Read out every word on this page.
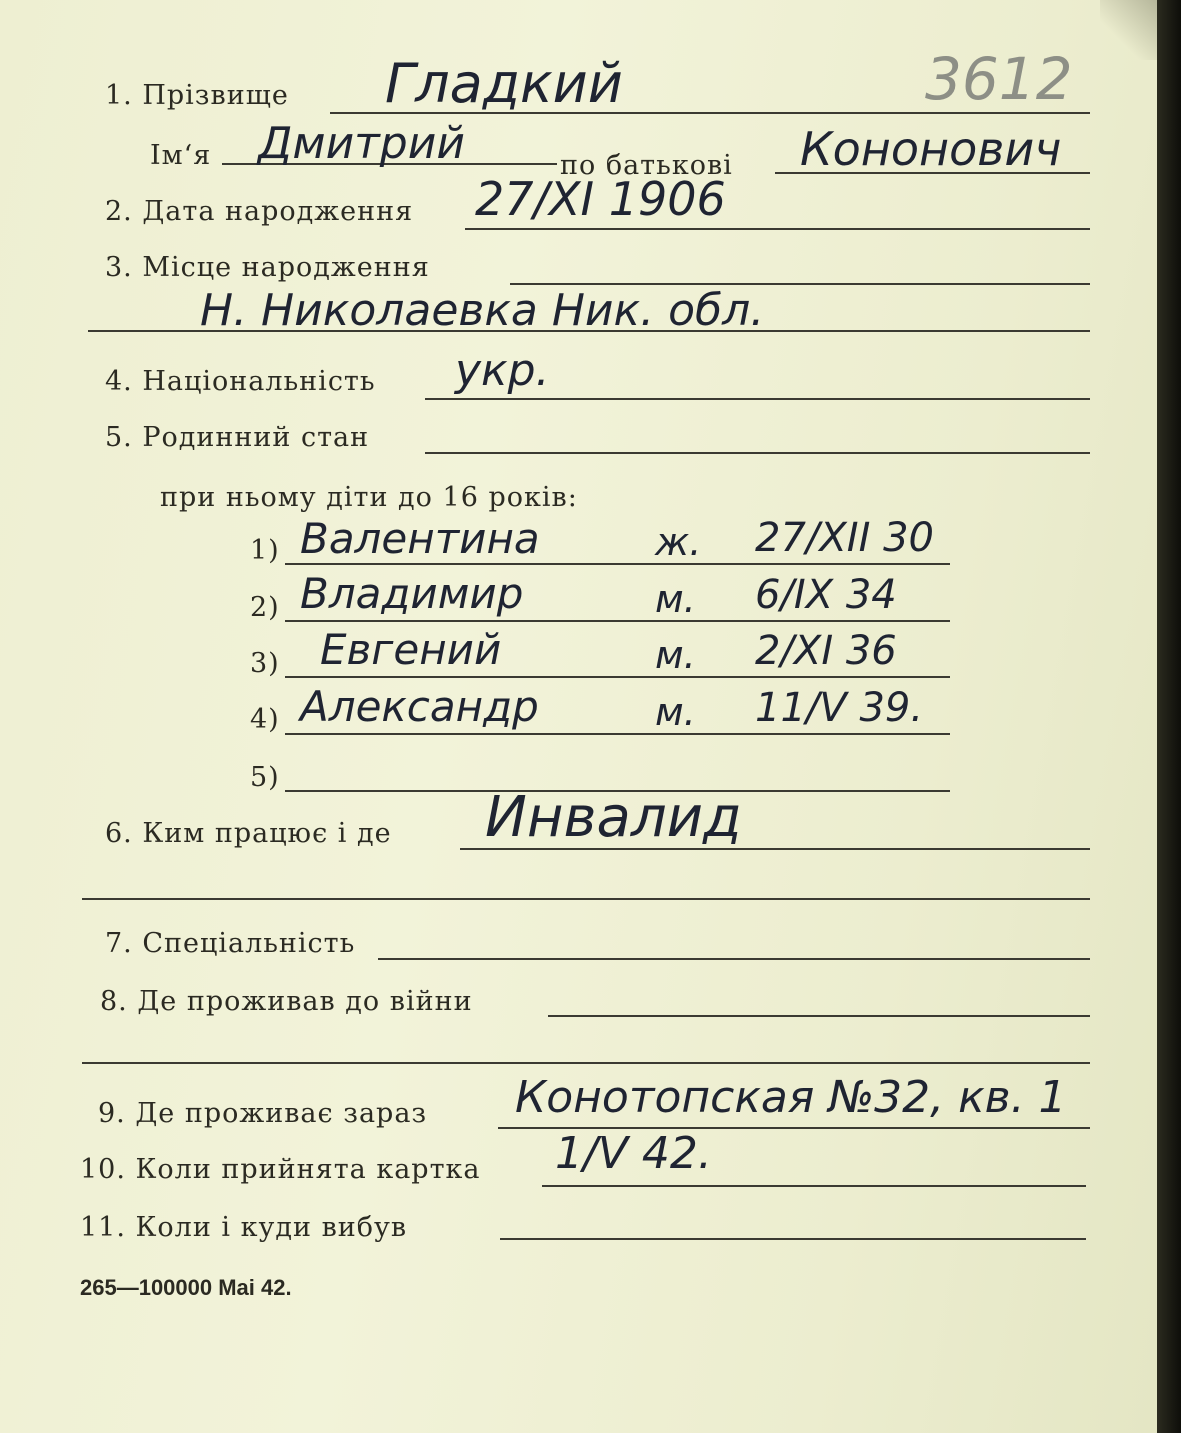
3612
1. Прізвище Гладкий
Ім‘я Дмитрий	по батькові Кононович
2. Дата народження 27/XI 1906
3. Місце народження
Н. Николаевка Ник. обл.
4. Національність укр.
5. Родинний стан
при ньому діти до 16 років:
1) Валентина	ж. 27/XII 30
2) Владимир	м. 6/IX 34
3) Евгений	м. 2/XI 36
4) Александр	м. 11/V 39.
5)
6. Ким працює і де Инвалид
7. Спеціальність
8. Де проживав до війни
9. Де проживає зараз Конотопская №32, кв. 1
10. Коли прийнята картка 1/V 42.
11. Коли і куди вибув
265—100000 Mai 42.
